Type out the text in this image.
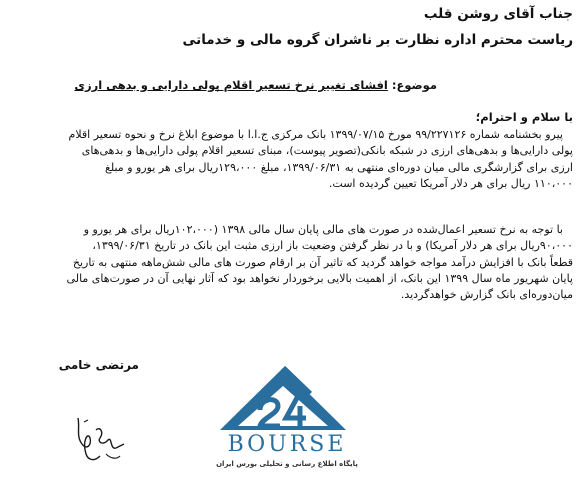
جناب آقای روشن قلب
ریاست محترم اداره نظارت بر ناشران گروه مالی و خدماتی
موضوع: افشای تغییر نرخ تسعیر اقلام پولی دارایی و بدهی ارزی
با سلام و احترام؛
پیرو بخشنامه شماره ۹۹/۲۲۷۱۲۶ مورخ ۱۳۹۹/۰۷/۱۵ بانک مرکزی ج.ا.ا با موضوع ابلاغ نرخ و نحوه تسعیر اقلام
پولی دارایی‌ها و بدهی‌های ارزی در شبکه بانکی(تصویر پیوست)، مبنای تسعیر اقلام پولی دارایی‌ها و بدهی‌های
ارزی برای گزارشگری مالی میان دوره‌ای منتهی به ۱۳۹۹/۰۶/۳۱، مبلغ ۱۲۹،۰۰۰ریال برای هر یورو و مبلغ
۱۱۰،۰۰۰ ریال برای هر دلار آمریکا تعیین گردیده است.
با توجه به نرخ تسعیر اعمال‌شده در صورت های مالی پایان سال مالی ۱۳۹۸ (۱۰۲،۰۰۰ریال برای هر یورو و
۹۰،۰۰۰ریال برای هر دلار آمریکا) و با در نظر گرفتن وضعیت باز ارزی مثبت این بانک در تاریخ ۱۳۹۹/۰۶/۳۱،
قطعاً بانک با افزایش درآمد مواجه خواهد گردید که تاثیر آن بر ارقام صورت های مالی شش‌ماهه منتهی به تاریخ
پایان شهریور ماه سال ۱۳۹۹ این بانک، از اهمیت بالایی برخوردار نخواهد بود که آثار نهایی آن در صورت‌های مالی
میان‌دوره‌ای بانک گزارش خواهدگردید.
مرتضی خامی
BOURSE
پایگاه اطلاع رسانی و تحلیلی بورس ایران
